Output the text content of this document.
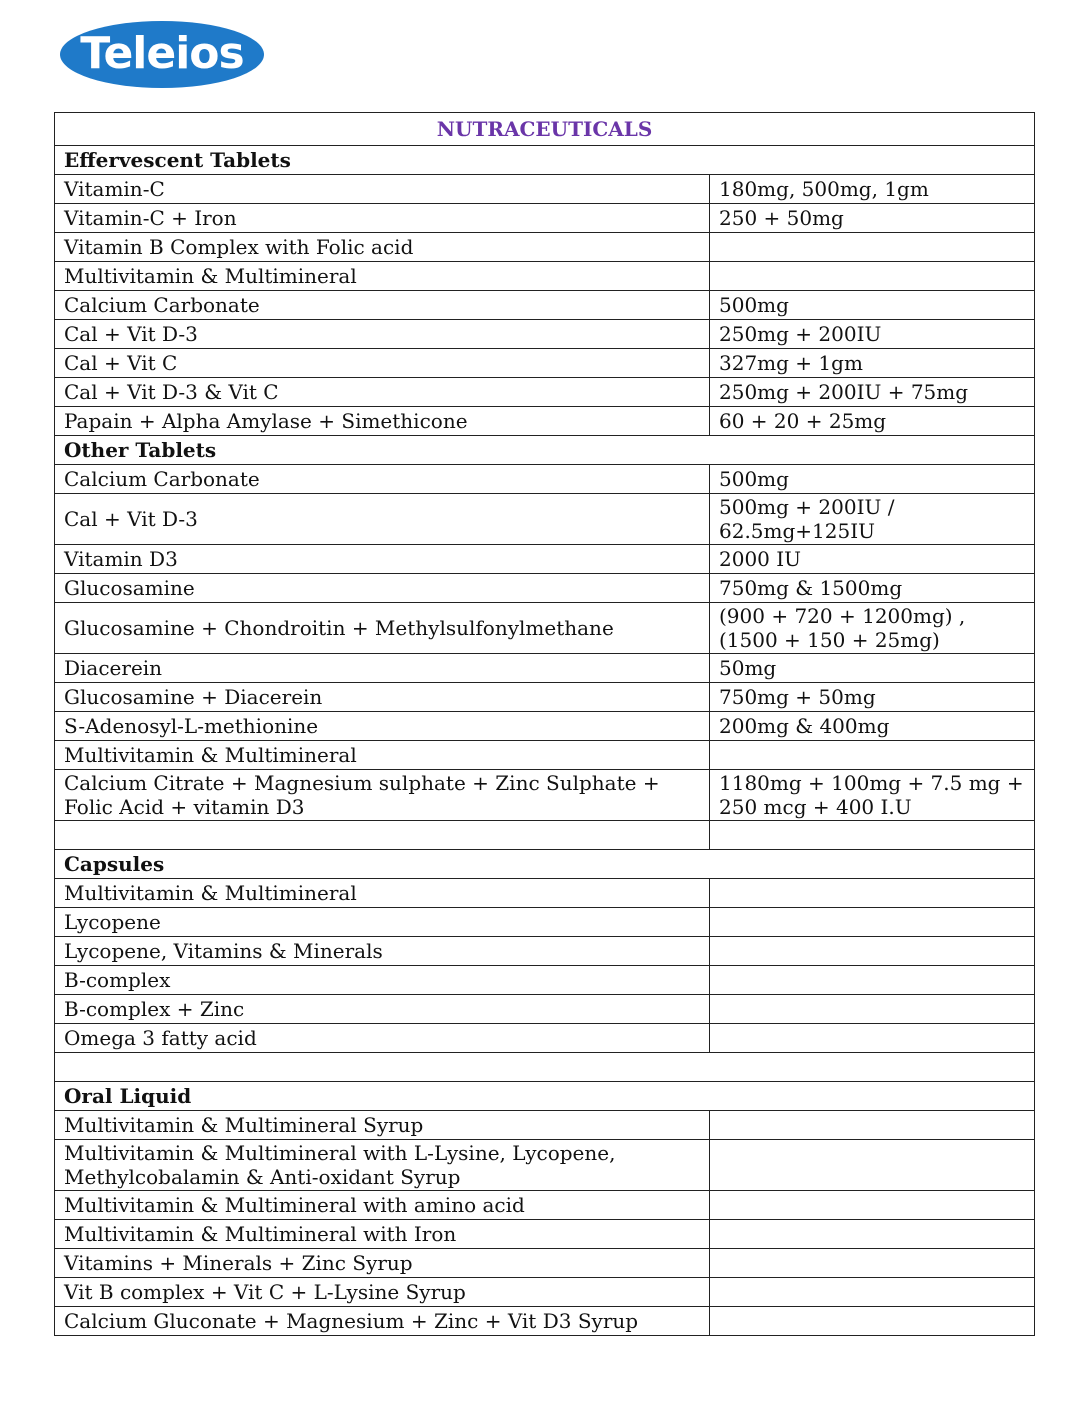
Teleios
NUTRACEUTICALS	
Effervescent Tablets	
Vitamin-C	180mg, 500mg, 1gm
Vitamin-C + Iron	250 + 50mg
Vitamin B Complex with Folic acid	
Multivitamin & Multimineral	
Calcium Carbonate	500mg
Cal + Vit D-3	250mg + 200IU
Cal + Vit C	327mg + 1gm
Cal + Vit D-3 & Vit C	250mg + 200IU + 75mg
Papain + Alpha Amylase + Simethicone	60 + 20 + 25mg
Other Tablets	
Calcium Carbonate	500mg
Cal + Vit D-3	500mg + 200IU / 62.5mg+125IU
Vitamin D3	2000 IU
Glucosamine	750mg & 1500mg
Glucosamine + Chondroitin + Methylsulfonylmethane	(900 + 720 + 1200mg) , (1500 + 150 + 25mg)
Diacerein	50mg
Glucosamine + Diacerein	750mg + 50mg
S-Adenosyl-L-methionine	200mg & 400mg
Multivitamin & Multimineral	
Calcium Citrate + Magnesium sulphate + Zinc Sulphate + Folic Acid + vitamin D3	1180mg + 100mg + 7.5 mg + 250 mcg + 400 I.U

Capsules	
Multivitamin & Multimineral	
Lycopene	
Lycopene, Vitamins & Minerals	
B-complex	
B-complex + Zinc	
Omega 3 fatty acid	

Oral Liquid	
Multivitamin & Multimineral Syrup	
Multivitamin & Multimineral with L-Lysine, Lycopene, Methylcobalamin & Anti-oxidant Syrup	
Multivitamin & Multimineral with amino acid	
Multivitamin & Multimineral with Iron	
Vitamins + Minerals + Zinc Syrup	
Vit B complex + Vit C + L-Lysine Syrup	
Calcium Gluconate + Magnesium + Zinc + Vit D3 Syrup	
